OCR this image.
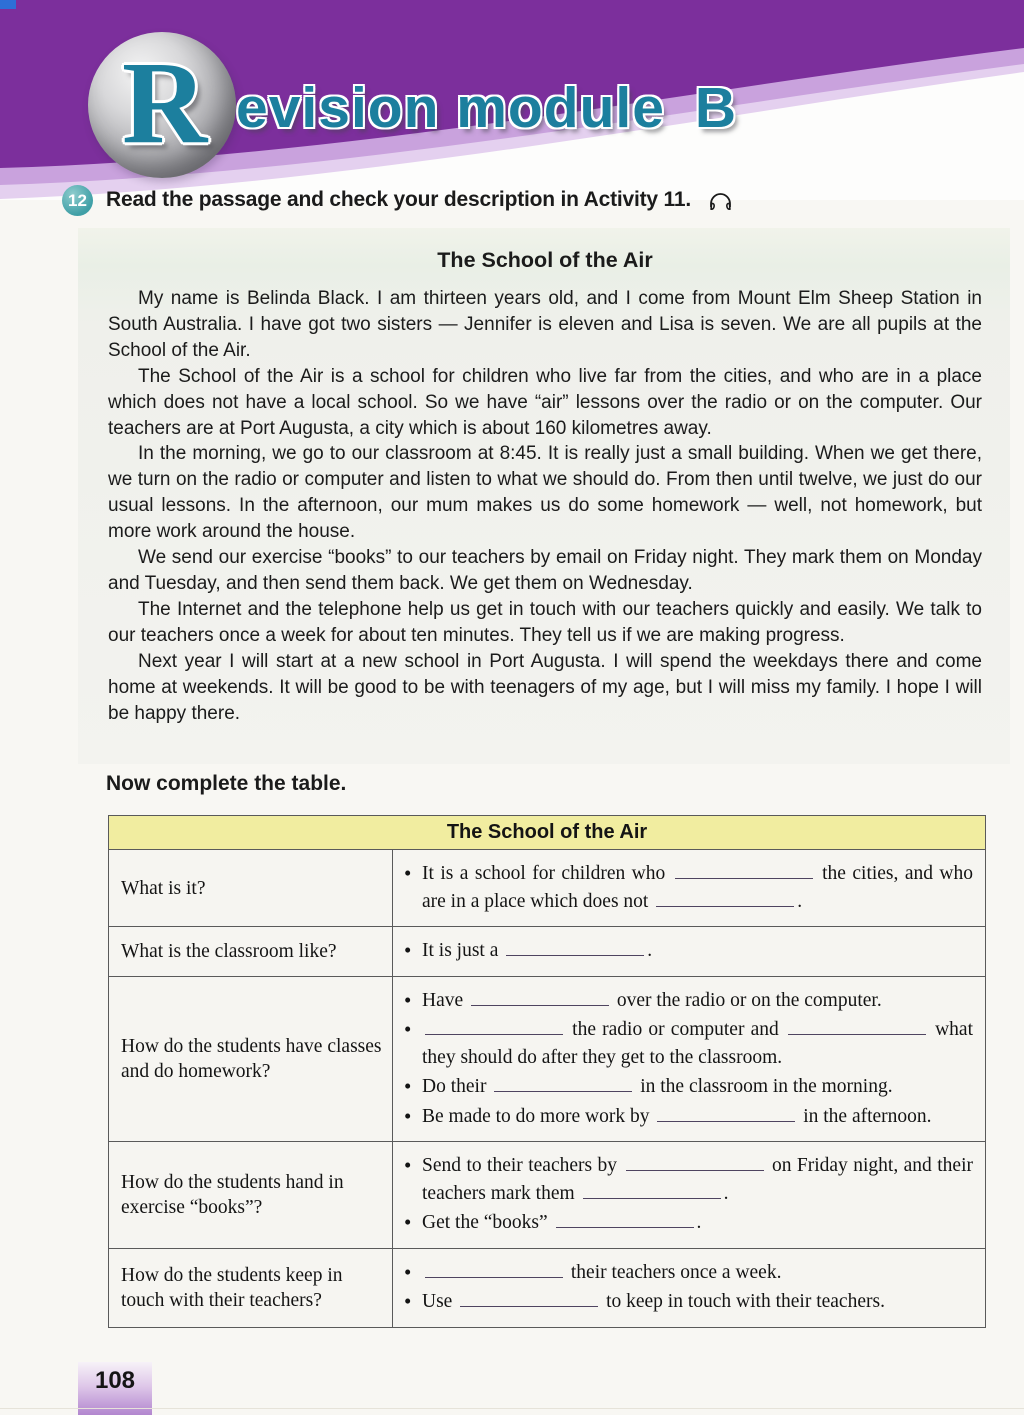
R evision module B
12 Read the passage and check your description in Activity 11.
The School of the Air

My name is Belinda Black. I am thirteen years old, and I come from Mount Elm Sheep Station in South Australia. I have got two sisters — Jennifer is eleven and Lisa is seven. We are all pupils at the School of the Air.

The School of the Air is a school for children who live far from the cities, and who are in a place which does not have a local school. So we have “air” lessons over the radio or on the computer. Our teachers are at Port Augusta, a city which is about 160 kilometres away.

In the morning, we go to our classroom at 8:45. It is really just a small building. When we get there, we turn on the radio or computer and listen to what we should do. From then until twelve, we just do our usual lessons. In the afternoon, our mum makes us do some homework — well, not homework, but more work around the house.

We send our exercise “books” to our teachers by email on Friday night. They mark them on Monday and Tuesday, and then send them back. We get them on Wednesday.

The Internet and the telephone help us get in touch with our teachers quickly and easily. We talk to our teachers once a week for about ten minutes. They tell us if we are making progress.

Next year I will start at a new school in Port Augusta. I will spend the weekdays there and come home at weekends. It will be good to be with teenagers of my age, but I will miss my family. I hope I will be happy there.

Now complete the table.
The School of the Air	
What is it?	
• It is a school for children who	the cities, and who are in a place which does not	.

What is the classroom like?	
•It is just a	.

How do the students have classes and do homework?	
• Have	over the radio or on the computer.
• the radio or computer and	what they should do after they get to the classroom.
• Do their	in the classroom in the morning.
• Be made to do more work by	in the afternoon.

How do the students hand in exercise “books”?	
• Send to their teachers by	on Friday night, and their teachers mark them	.
• Get the “books”	.

How do the students keep in touch with their teachers?	
• their teachers once a week.
• Use	to keep in touch with their teachers.
108
